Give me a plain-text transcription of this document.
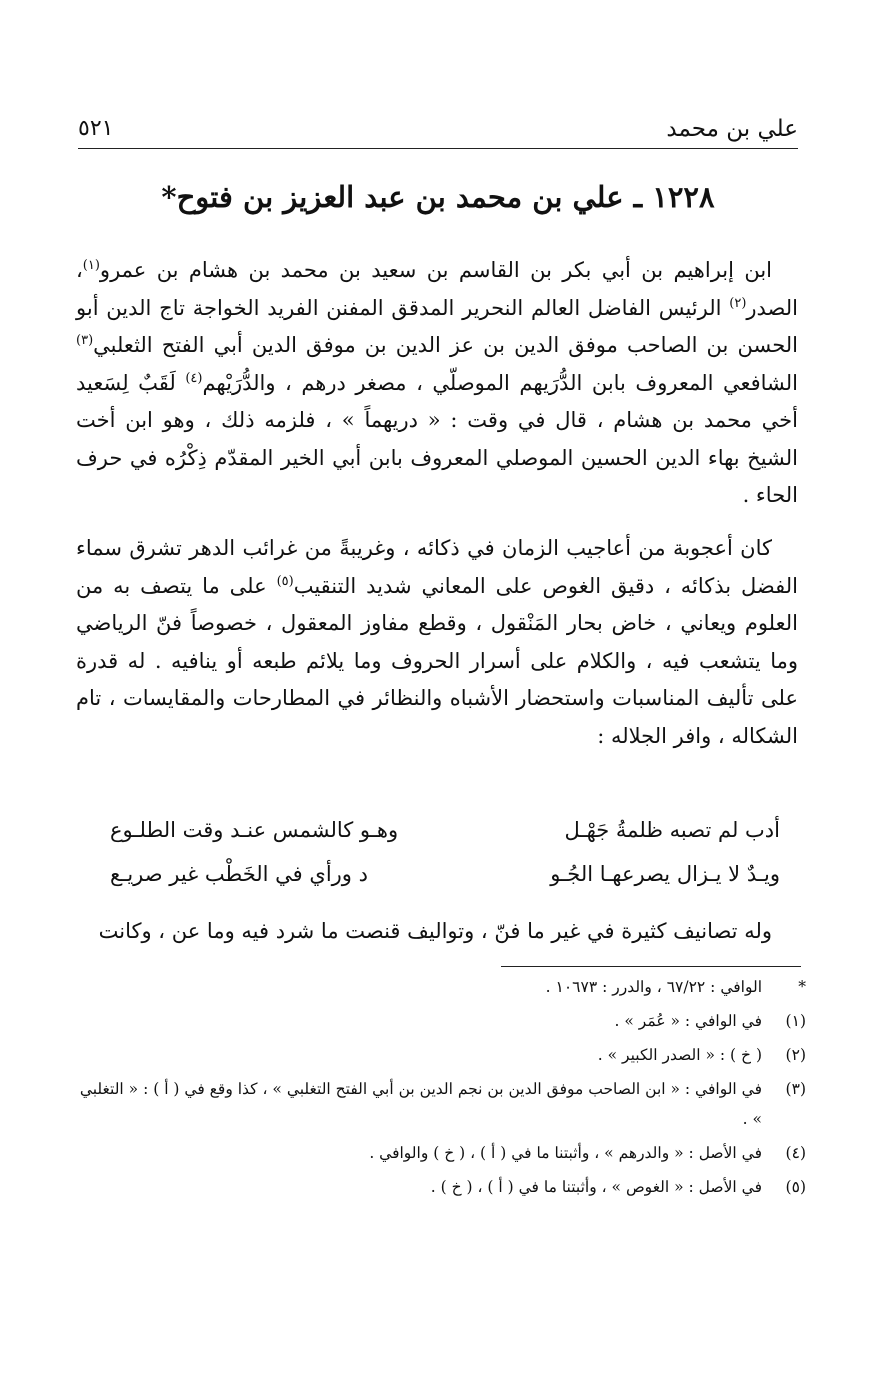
علي بن محمد
٥٢١
١٢٢٨ ـ علي بن محمد بن عبد العزيز بن فتوح*

ابن إبراهيم بن أبي بكر بن القاسم بن سعيد بن محمد بن هشام بن عمرو$^{(١)}$، الصدر$^{(٢)}$ الرئيس الفاضل العالم النحرير المدقق المفنن الفريد الخواجة تاج الدين أبو الحسن بن الصاحب موفق الدين بن عز الدين بن موفق الدين أبي الفتح الثعلبي$^{(٣)}$ الشافعي المعروف بابن الدُّرَيهم الموصلّي ، مصغر درهم ، والدُّرَيْهم$^{(٤)}$ لَقَبٌ لِسَعيد أخي محمد بن هشام ، قال في وقت : « دريهماً » ، فلزمه ذلك ، وهو ابن أخت الشيخ بهاء الدين الحسين الموصلي المعروف بابن أبي الخير المقدّم ذِكْرُه في حرف الحاء .

كان أعجوبة من أعاجيب الزمان في ذكائه ، وغريبةً من غرائب الدهر تشرق سماء الفضل بذكائه ، دقيق الغوص على المعاني شديد التنقيب$^{(٥)}$ على ما يتصف به من العلوم ويعاني ، خاض بحار المَنْقول ، وقطع مفاوز المعقول ، خصوصاً فنّ الرياضي وما يتشعب فيه ، والكلام على أسرار الحروف وما يلائم طبعه أو ينافيه . له قدرة على تأليف المناسبات واستحضار الأشباه والنظائر في المطارحات والمقايسات ، تام الشكاله ، وافر الجلاله :

أدب لم تصبه ظلمةُ جَهْـل
وهـو كالشمس عنـد وقت الطلـوع
ويـدٌ لا يـزال يصرعهـا الجُـو
د ورأي في الخَطْب غير صريـع

وله تصانيف كثيرة في غير ما فنّ ، وتواليف قنصت ما شرد فيه وما عن ، وكانت

*
الوافي : ٦٧/٢٢ ، والدرر : ١٠٦٧٣ .
(١)
في الوافي : « عُمَر » .
(٢)
( خ ) : « الصدر الكبير » .
(٣)
في الوافي : « ابن الصاحب موفق الدين بن نجم الدين بن أبي الفتح التغلبي » ، كذا وقع في ( أ ) : « التغلبي » .
(٤)
في الأصل : « والدرهم » ، وأثبتنا ما في ( أ ) ، ( خ ) والوافي .
(٥)
في الأصل : « الغوص » ، وأثبتنا ما في ( أ ) ، ( خ ) .
